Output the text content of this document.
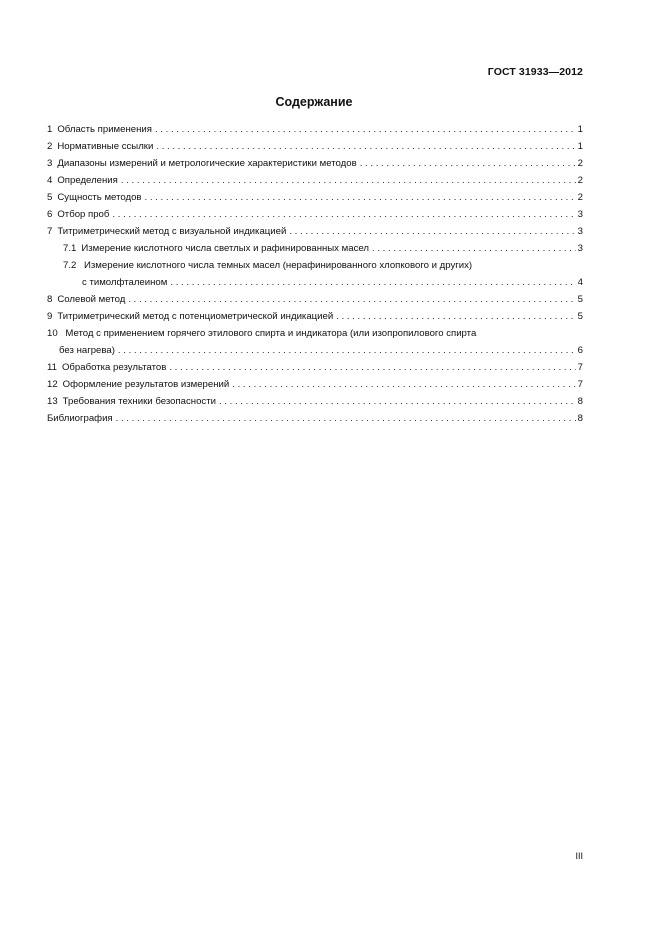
ГОСТ 31933—2012
Содержание
1 Область применения . . .	1
2 Нормативные ссылки . . .	1
3 Диапазоны измерений и метрологические характеристики методов . . .	2
4 Определения . . .	2
5 Сущность методов . . .	2
6 Отбор проб . . .	3
7 Титриметрический метод с визуальной индикацией . . .	3
7.1 Измерение кислотного числа светлых и рафинированных масел . . .	3
7.2 Измерение кислотного числа темных масел (нерафинированного хлопкового и других)
с тимолфталеином . . .	4
8 Солевой метод . . .	5
9 Титриметрический метод с потенциометрической индикацией . . .	5
10 Метод с применением горячего этилового спирта и индикатора (или изопропилового спирта
без нагрева) . . .	6
11 Обработка результатов . . .	7
12 Оформление результатов измерений . . .	7
13 Требования техники безопасности . . .	8
Библиография . . .	8
III
